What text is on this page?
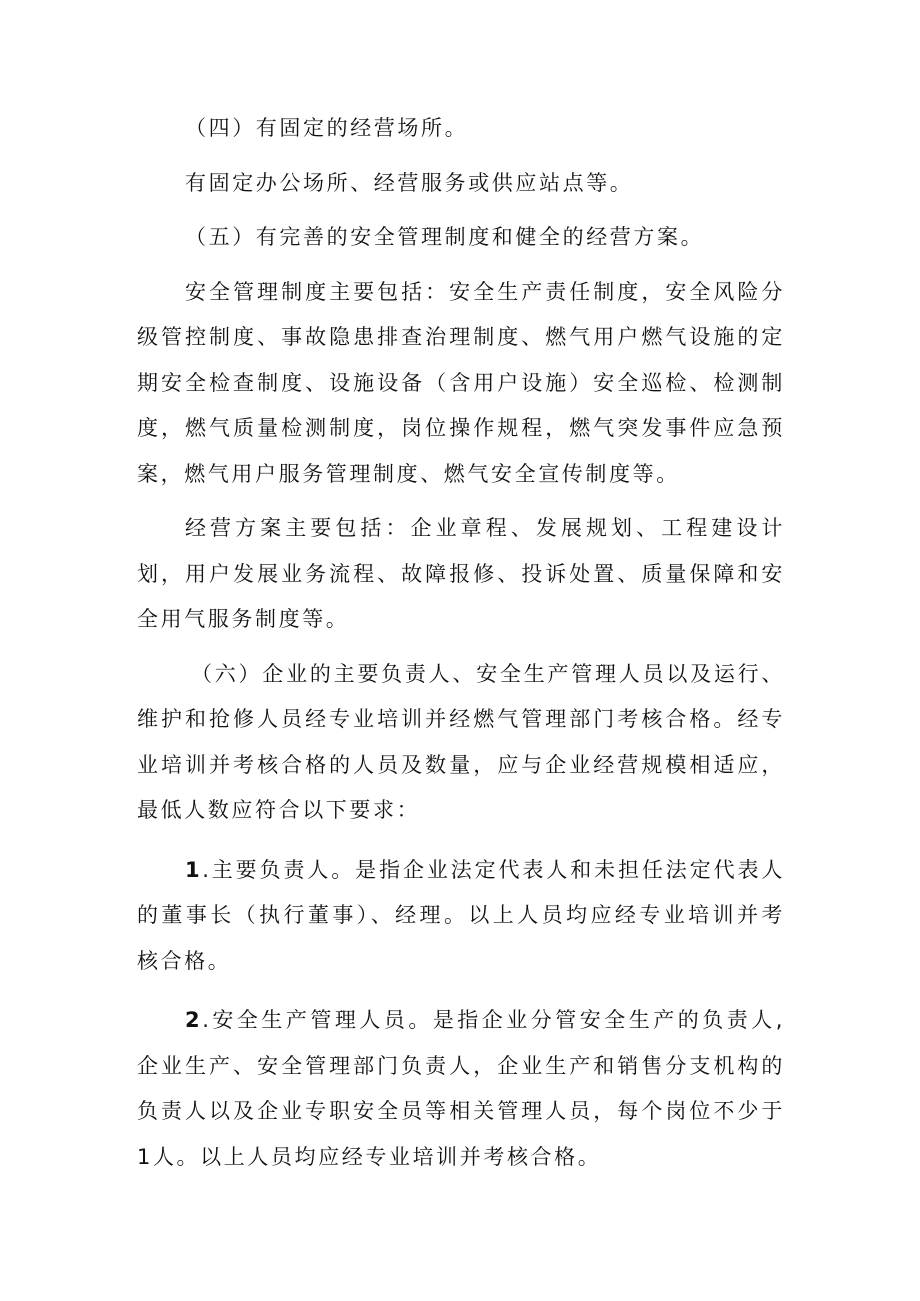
（四）有固定的经营场所。

有固定办公场所、经营服务或供应站点等。

（五）有完善的安全管理制度和健全的经营方案。

安全管理制度主要包括：安全生产责任制度，安全风险分级管控制度、事故隐患排查治理制度、燃气用户燃气设施的定期安全检查制度、设施设备（含用户设施）安全巡检、检测制度，燃气质量检测制度，岗位操作规程，燃气突发事件应急预案，燃气用户服务管理制度、燃气安全宣传制度等。

经营方案主要包括：企业章程、发展规划、工程建设计划，用户发展业务流程、故障报修、投诉处置、质量保障和安全用气服务制度等。

（六）企业的主要负责人、安全生产管理人员以及运行、维护和抢修人员经专业培训并经燃气管理部门考核合格。经专业培训并考核合格的人员及数量，应与企业经营规模相适应，最低人数应符合以下要求：

1.主要负责人。是指企业法定代表人和未担任法定代表人的董事长（执行董事）、经理。以上人员均应经专业培训并考核合格。

2.安全生产管理人员。是指企业分管安全生产的负责人,企业生产、安全管理部门负责人，企业生产和销售分支机构的负责人以及企业专职安全员等相关管理人员，每个岗位不少于1人。以上人员均应经专业培训并考核合格。
